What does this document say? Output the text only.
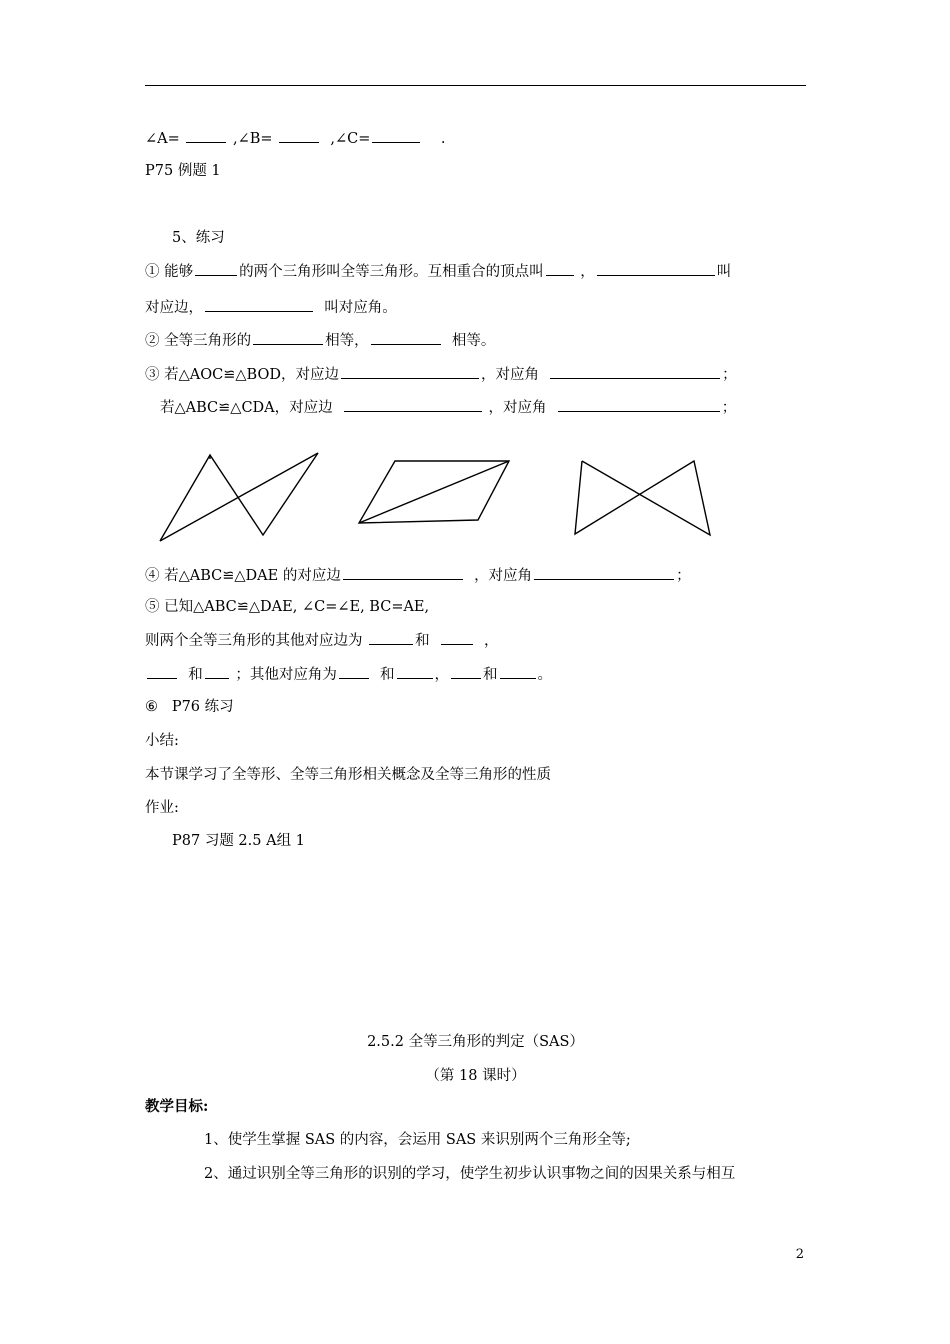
∠A=	,∠B=	,∠C=	.
P75 例题 1
5、练习
① 能够	的两个三角形叫全等三角形。互相重合的顶点叫	，	叫
对应边，	叫对应角。
② 全等三角形的	相等，	相等。
③ 若△AOC≌△BOD，对应边	，对应角	；
若△ABC≌△CDA，对应边	，对应角	；
④ 若△ABC≌△DAE 的对应边	，对应角	；
⑤ 已知△ABC≌△DAE, ∠C=∠E, BC=AE,
则两个全等三角形的其他对应边为	和	，
和 ；其他对应角为	和	， 和	。
⑥   P76 练习
小结:
本节课学习了全等形、全等三角形相关概念及全等三角形的性质
作业:
P87 习题 2.5 A组 1
2.5.2 全等三角形的判定（SAS）
（第 18 课时）
教学目标:
1、使学生掌握 SAS 的内容，会运用 SAS 来识别两个三角形全等;
2、通过识别全等三角形的识别的学习，使学生初步认识事物之间的因果关系与相互
2
